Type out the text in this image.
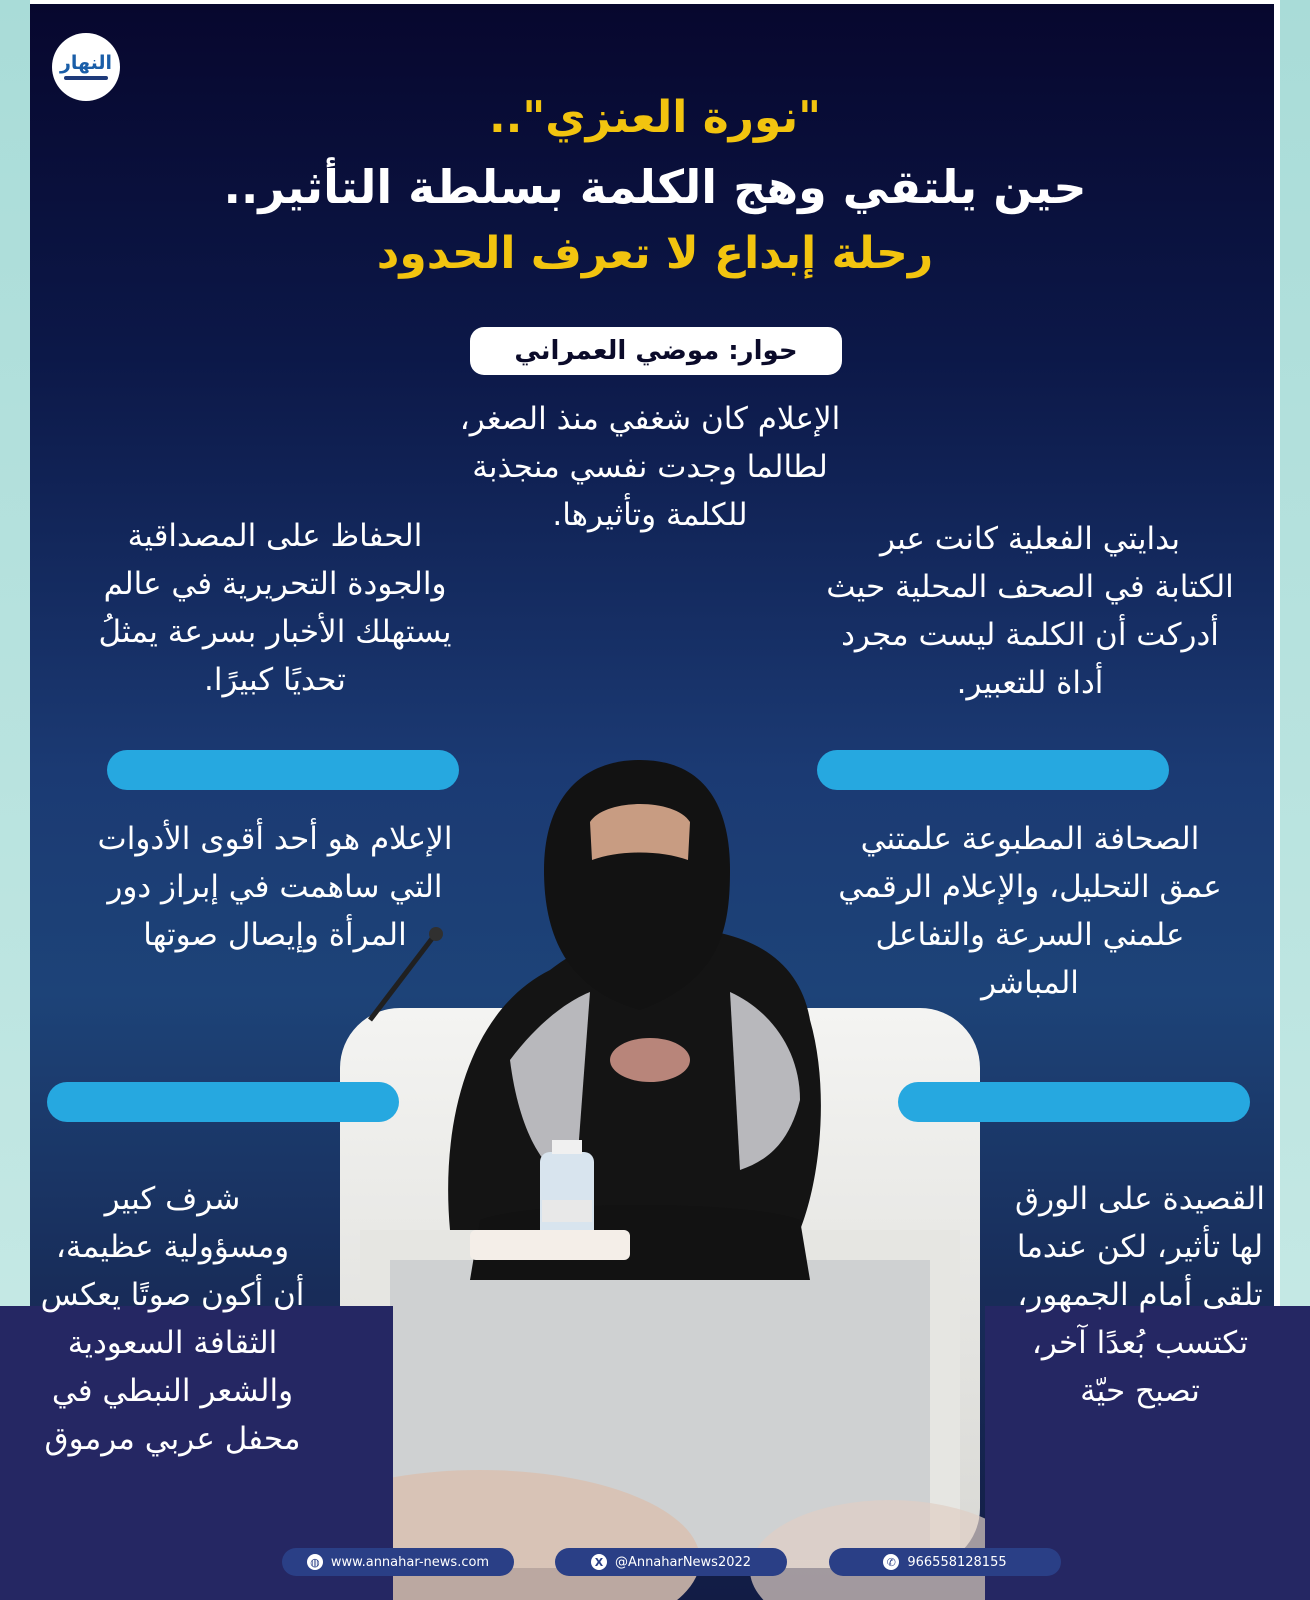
النهار
"نورة العنزي"..
حين يلتقي وهج الكلمة بسلطة التأثير..
رحلة إبداع لا تعرف الحدود
حوار: موضي العمراني

الإعلام كان شغفي منذ الصغر،
لطالما وجدت نفسي منجذبة
للكلمة وتأثيرها.

بدايتي الفعلية كانت عبر
الكتابة في الصحف المحلية حيث
أدركت أن الكلمة ليست مجرد
أداة للتعبير.

الحفاظ على المصداقية
والجودة التحريرية في عالم
يستهلك الأخبار بسرعة يمثلُ
تحديًا كبيرًا.

الصحافة المطبوعة علمتني
عمق التحليل، والإعلام الرقمي
علمني السرعة والتفاعل
المباشر

الإعلام هو أحد أقوى الأدوات
التي ساهمت في إبراز دور
المرأة وإيصال صوتها

القصيدة على الورق
لها تأثير، لكن عندما
تلقى أمام الجمهور،
تكتسب بُعدًا آخر،
تصبح حيّة

شرف كبير
ومسؤولية عظيمة،
أن أكون صوتًا يعكس
الثقافة السعودية
والشعر النبطي في
محفل عربي مرموق

◍ www.annahar-news.com	X @AnnaharNews2022	✆ 966558128155
